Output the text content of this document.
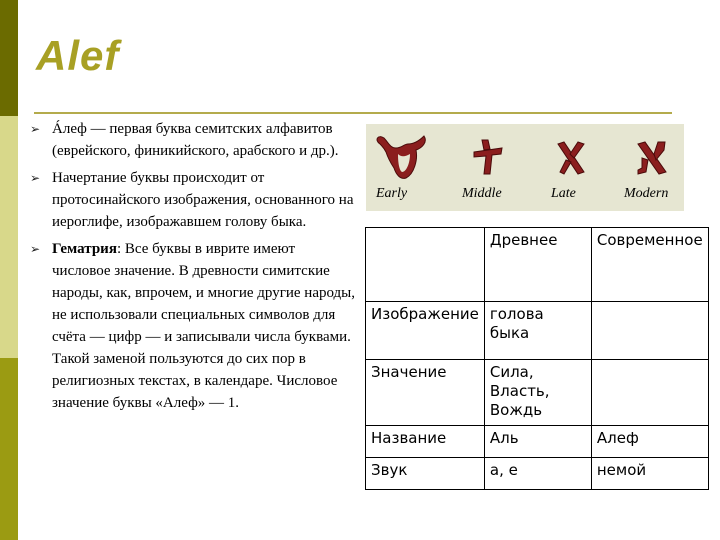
Alef
➢ Áлеф — первая буква семитских алфавитов (еврейского, финикийского, арабского и др.).
➢ Начертание буквы происходит от протосинайского изображения, основанного на иероглифе, изображавшем голову быка.
➢ Гематрия: Все буквы в иврите имеют числовое значение. В древности симитские народы, как, впрочем, и многие другие народы, не использовали специальных символов для счёта — цифр — и записывали числа буквами. Такой заменой пользуются до сих пор в религиозных текстах, в календаре. Числовое значение буквы «Алеф» — 1.
Early	Middle	Late	Modern
	Древнее	Современное
Изображение	голова быка	
Значение	Сила, Власть, Вождь	
Название	Аль	Алеф
Звук	а, е	немой
